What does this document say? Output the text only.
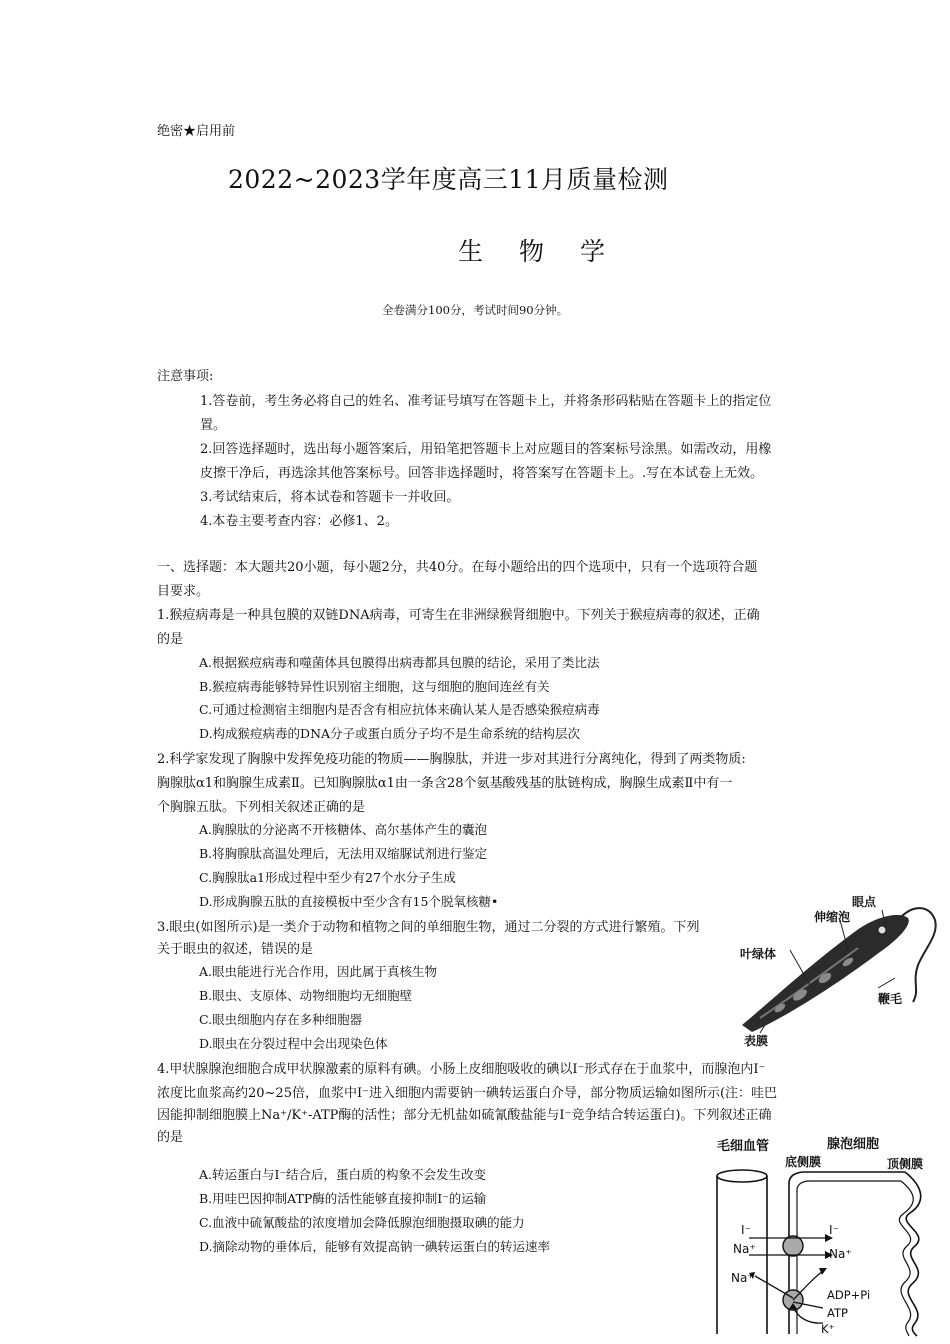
绝密★启用前
2022~2023学年度高三11月质量检测
生物学
全卷满分100分，考试时间90分钟。
注意事项:
1.答卷前，考生务必将自己的姓名、准考证号填写在答题卡上，并将条形码粘贴在答题卡上的指定位
置。
2.回答选择题时，选出每小题答案后，用铅笔把答题卡上对应题目的答案标号涂黑。如需改动，用橡
皮擦干净后，再选涂其他答案标号。回答非选择题时，将答案写在答题卡上。.写在本试卷上无效。
3.考试结束后，将本试卷和答题卡一并收回。
4.本卷主要考查内容：必修1、2。
一、选择题：本大题共20小题，每小题2分，共40分。在每小题给出的四个选项中，只有一个选项符合题
目要求。
1.猴痘病毒是一种具包膜的双链DNA病毒，可寄生在非洲绿猴肾细胞中。下列关于猴痘病毒的叙述，正确
的是
A.根据猴痘病毒和噬菌体具包膜得出病毒都具包膜的结论，采用了类比法
B.猴痘病毒能够特异性识别宿主细胞，这与细胞的胞间连丝有关
C.可通过检测宿主细胞内是否含有相应抗体来确认某人是否感染猴痘病毒
D.构成猴痘病毒的DNA分子或蛋白质分子均不是生命系统的结构层次
2.科学家发现了胸腺中发挥免疫功能的物质——胸腺肽，并进一步对其进行分离纯化，得到了两类物质:
胸腺肽α1和胸腺生成素Ⅱ。已知胸腺肽α1由一条含28个氨基酸残基的肽链构成，胸腺生成素Ⅱ中有一
个胸腺五肽。下列相关叙述正确的是
A.胸腺肽的分泌离不开核糖体、高尔基体产生的囊泡
B.将胸腺肽高温处理后，无法用双缩脲试剂进行鉴定
C.胸腺肽a1形成过程中至少有27个水分子生成
D.形成胸腺五肽的直接模板中至少含有15个脱氧核糖•
3.眼虫(如图所示)是一类介于动物和植物之间的单细胞生物，通过二分裂的方式进行繁殖。下列
关于眼虫的叙述，错误的是
A.眼虫能进行光合作用，因此属于真核生物
B.眼虫、支原体、动物细胞均无细胞壁
C.眼虫细胞内存在多种细胞器
D.眼虫在分裂过程中会出现染色体
眼点
伸缩泡
叶绿体
鞭毛
表膜
4.甲状腺腺泡细胞合成甲状腺激素的原料有碘。小肠上皮细胞吸收的碘以I⁻形式存在于血浆中，而腺泡内I⁻
浓度比血浆高约20~25倍，血浆中I⁻进入细胞内需要钠一碘转运蛋白介导，部分物质运输如图所示(注：哇巴
因能抑制细胞膜上Na⁺/K⁺-ATP酶的活性；部分无机盐如硫氰酸盐能与I⁻竞争结合转运蛋白)。下列叙述正确
的是
A.转运蛋白与I⁻结合后，蛋白质的构象不会发生改变
B.用哇巴因抑制ATP酶的活性能够直接抑制I⁻的运输
C.血液中硫氰酸盐的浓度增加会降低腺泡细胞摄取碘的能力
D.摘除动物的垂体后，能够有效提高钠一碘转运蛋白的转运速率
毛细血管	腺泡细胞
底侧膜	顶侧膜
I⁻
Na⁺
I⁻
Na⁺
Na⁺
ADP+Pi
ATP
K⁺
